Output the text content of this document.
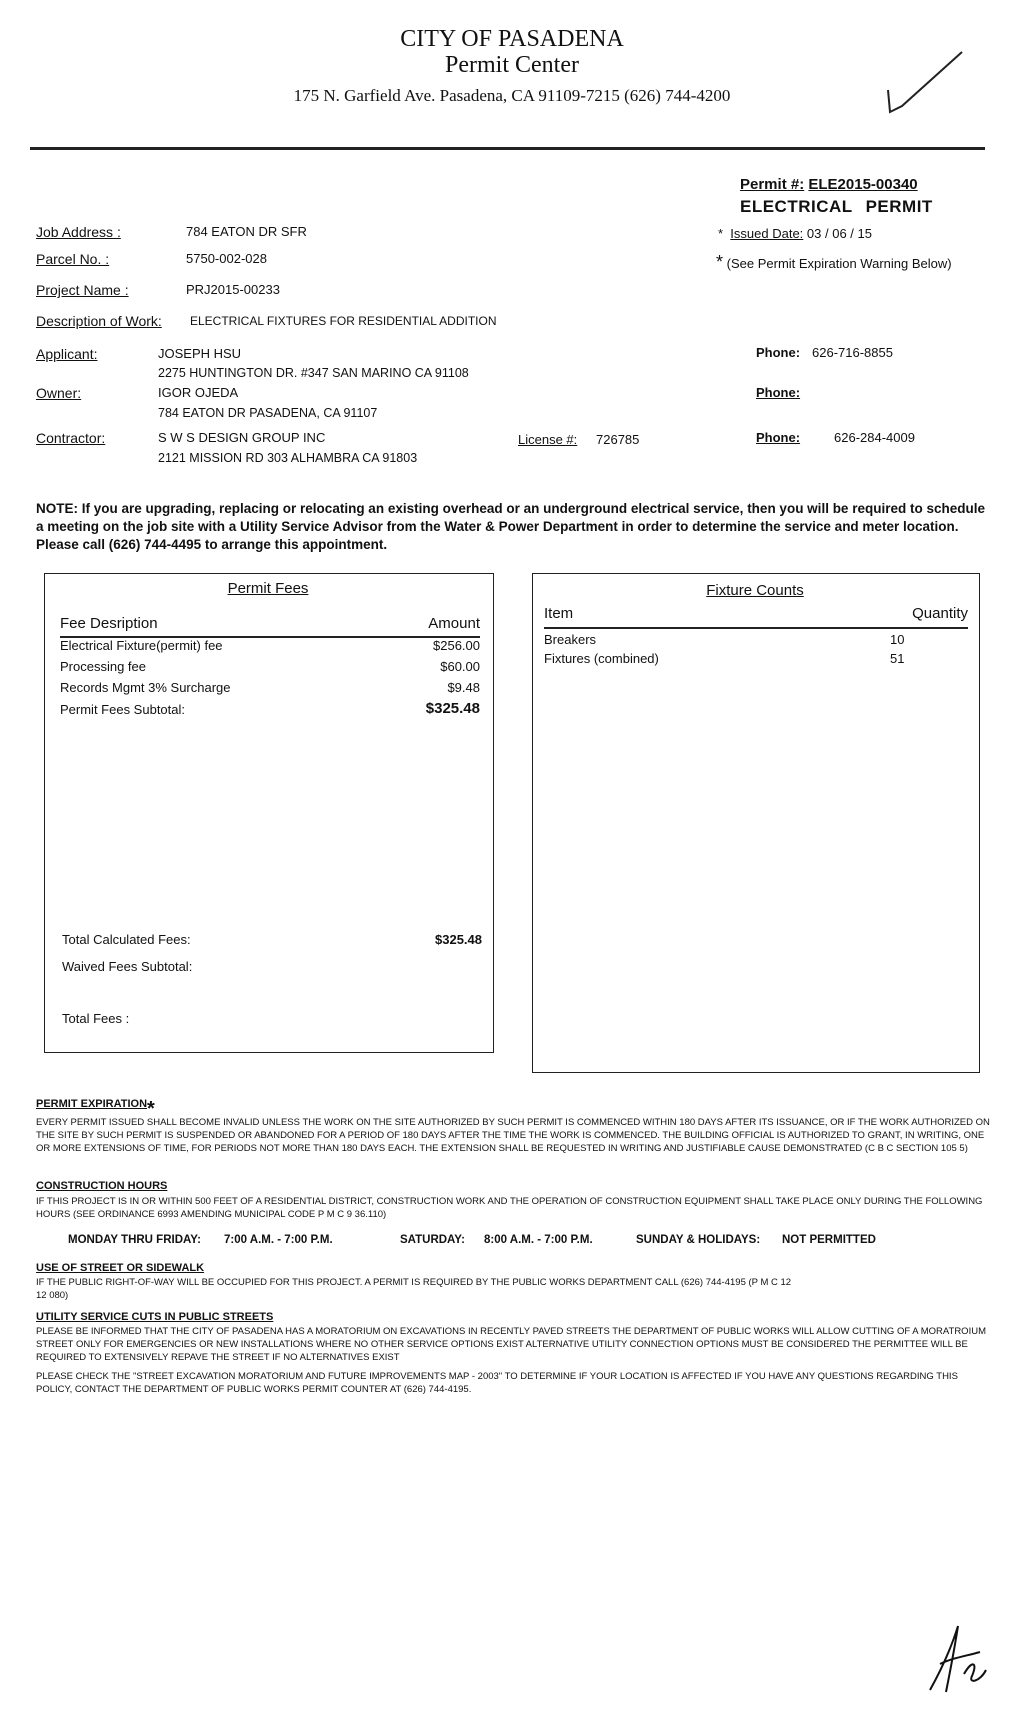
CITY OF PASADENA
Permit Center
175 N. Garfield Ave. Pasadena, CA 91109-7215 (626) 744-4200
Permit #: ELE2015-00340
ELECTRICAL PERMIT
* Issued Date: 03 / 06 / 15
* (See Permit Expiration Warning Below)
Job Address :	784 EATON DR SFR
Parcel No. :	5750-002-028
Project Name :	PRJ2015-00233
Description of Work: ELECTRICAL FIXTURES FOR RESIDENTIAL ADDITION
Applicant:	JOSEPH HSU
2275 HUNTINGTON DR. #347 SAN MARINO CA 91108
Phone: 626-716-8855
Owner:	IGOR OJEDA
784 EATON DR PASADENA, CA 91107
Phone:
Contractor:	S W S DESIGN GROUP INC
2121 MISSION RD 303 ALHAMBRA CA 91803
License #: 726785	Phone:	626-284-4009
NOTE: If you are upgrading, replacing or relocating an existing overhead or an underground electrical service, then you will be required to schedule a meeting on the job site with a Utility Service Advisor from the Water & Power Department in order to determine the service and meter location. Please call (626) 744-4495 to arrange this appointment.
Permit Fees
Fee Desription	Amount
Electrical Fixture(permit) fee	$256.00
Processing fee	$60.00
Records Mgmt 3% Surcharge	$9.48
Permit Fees Subtotal:	$325.48
Total Calculated Fees:	$325.48
Waived Fees Subtotal:
Total Fees :
Fixture Counts
Item	Quantity
Breakers	10
Fixtures (combined)	51
PERMIT EXPIRATION*
EVERY PERMIT ISSUED SHALL BECOME INVALID UNLESS THE WORK ON THE SITE AUTHORIZED BY SUCH PERMIT IS COMMENCED WITHIN 180 DAYS AFTER ITS ISSUANCE, OR IF THE WORK AUTHORIZED ON THE SITE BY SUCH PERMIT IS SUSPENDED OR ABANDONED FOR A PERIOD OF 180 DAYS AFTER THE TIME THE WORK IS COMMENCED. THE BUILDING OFFICIAL IS AUTHORIZED TO GRANT, IN WRITING, ONE OR MORE EXTENSIONS OF TIME, FOR PERIODS NOT MORE THAN 180 DAYS EACH. THE EXTENSION SHALL BE REQUESTED IN WRITING AND JUSTIFIABLE CAUSE DEMONSTRATED (C B C SECTION 105 5)
CONSTRUCTION HOURS
IF THIS PROJECT IS IN OR WITHIN 500 FEET OF A RESIDENTIAL DISTRICT, CONSTRUCTION WORK AND THE OPERATION OF CONSTRUCTION EQUIPMENT SHALL TAKE PLACE ONLY DURING THE FOLLOWING HOURS (SEE ORDINANCE 6993 AMENDING MUNICIPAL CODE P M C 9 36.110)
MONDAY THRU FRIDAY: 7:00 A.M. - 7:00 P.M.	SATURDAY: 8:00 A.M. - 7:00 P.M.	SUNDAY & HOLIDAYS: NOT PERMITTED
USE OF STREET OR SIDEWALK
IF THE PUBLIC RIGHT-OF-WAY WILL BE OCCUPIED FOR THIS PROJECT. A PERMIT IS REQUIRED BY THE PUBLIC WORKS DEPARTMENT CALL (626) 744-4195 (P M C 12 12 080)
UTILITY SERVICE CUTS IN PUBLIC STREETS
PLEASE BE INFORMED THAT THE CITY OF PASADENA HAS A MORATORIUM ON EXCAVATIONS IN RECENTLY PAVED STREETS THE DEPARTMENT OF PUBLIC WORKS WILL ALLOW CUTTING OF A MORATROIUM STREET ONLY FOR EMERGENCIES OR NEW INSTALLATIONS WHERE NO OTHER SERVICE OPTIONS EXIST ALTERNATIVE UTILITY CONNECTION OPTIONS MUST BE CONSIDERED THE PERMITTEE WILL BE REQUIRED TO EXTENSIVELY REPAVE THE STREET IF NO ALTERNATIVES EXIST
PLEASE CHECK THE "STREET EXCAVATION MORATORIUM AND FUTURE IMPROVEMENTS MAP - 2003" TO DETERMINE IF YOUR LOCATION IS AFFECTED IF YOU HAVE ANY QUESTIONS REGARDING THIS POLICY, CONTACT THE DEPARTMENT OF PUBLIC WORKS PERMIT COUNTER AT (626) 744-4195.
